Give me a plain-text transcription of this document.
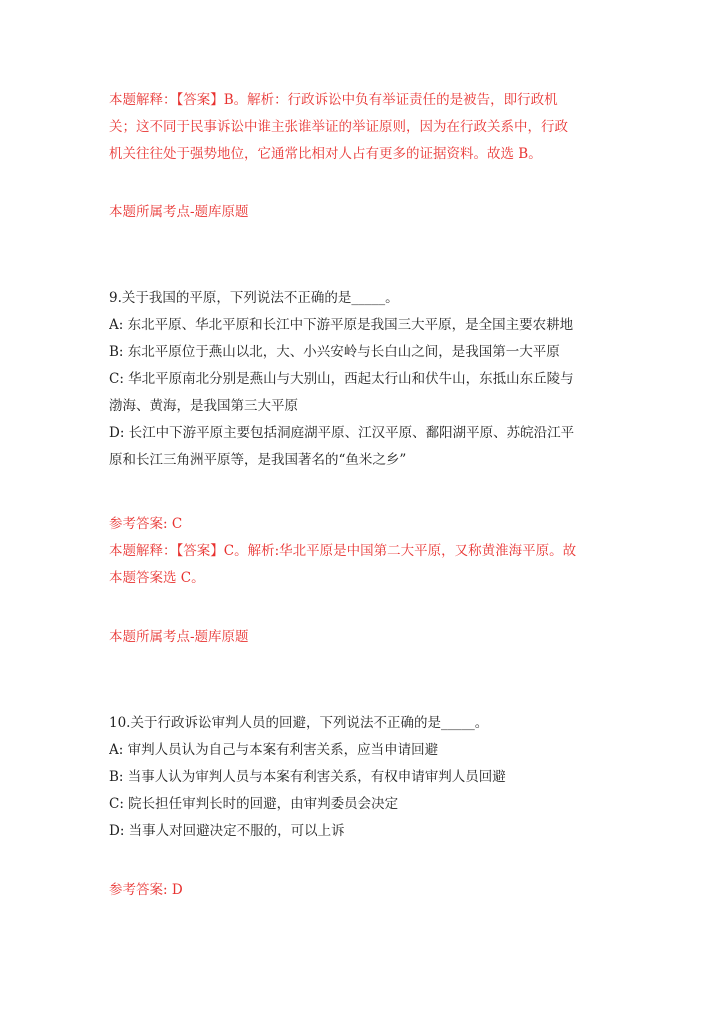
本题解释：【答案】B。解析：行政诉讼中负有举证责任的是被告，即行政机
关；这不同于民事诉讼中谁主张谁举证的举证原则，因为在行政关系中，行政
机关往往处于强势地位，它通常比相对人占有更多的证据资料。故选 B。
本题所属考点-题库原题
9.关于我国的平原，下列说法不正确的是_____。
A: 东北平原、华北平原和长江中下游平原是我国三大平原，是全国主要农耕地
B: 东北平原位于燕山以北，大、小兴安岭与长白山之间，是我国第一大平原
C: 华北平原南北分别是燕山与大别山，西起太行山和伏牛山，东抵山东丘陵与
渤海、黄海，是我国第三大平原
D: 长江中下游平原主要包括洞庭湖平原、江汉平原、鄱阳湖平原、苏皖沿江平
原和长江三角洲平原等，是我国著名的“鱼米之乡”
参考答案: C
本题解释：【答案】C。解析:华北平原是中国第二大平原，又称黄淮海平原。故
本题答案选 C。
本题所属考点-题库原题
10.关于行政诉讼审判人员的回避，下列说法不正确的是_____。
A: 审判人员认为自己与本案有利害关系，应当申请回避
B: 当事人认为审判人员与本案有利害关系，有权申请审判人员回避
C: 院长担任审判长时的回避，由审判委员会决定
D: 当事人对回避决定不服的，可以上诉
参考答案: D
